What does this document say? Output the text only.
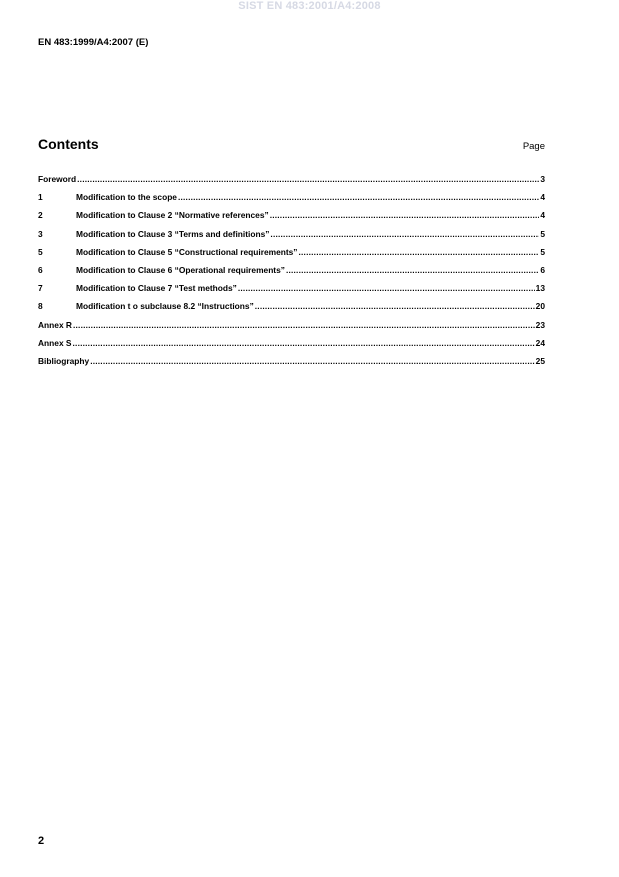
SIST EN 483:2001/A4:2008
EN 483:1999/A4:2007 (E)
Contents	Page
Foreword .....	3
1	Modification to the scope .....	4
2	Modification to Clause 2 “Normative references” .....	4
3	Modification to Clause 3 “Terms and definitions” .....	5
5	Modification to Clause 5 “Constructional requirements” .....	5
6	Modification to Clause 6 “Operational requirements” .....	6
7	Modification to Clause 7 “Test methods” .....	13
8	Modification t o subclause 8.2 “Instructions” .....	20
Annex R .....	23
Annex S .....	24
Bibliography .....	25
2
